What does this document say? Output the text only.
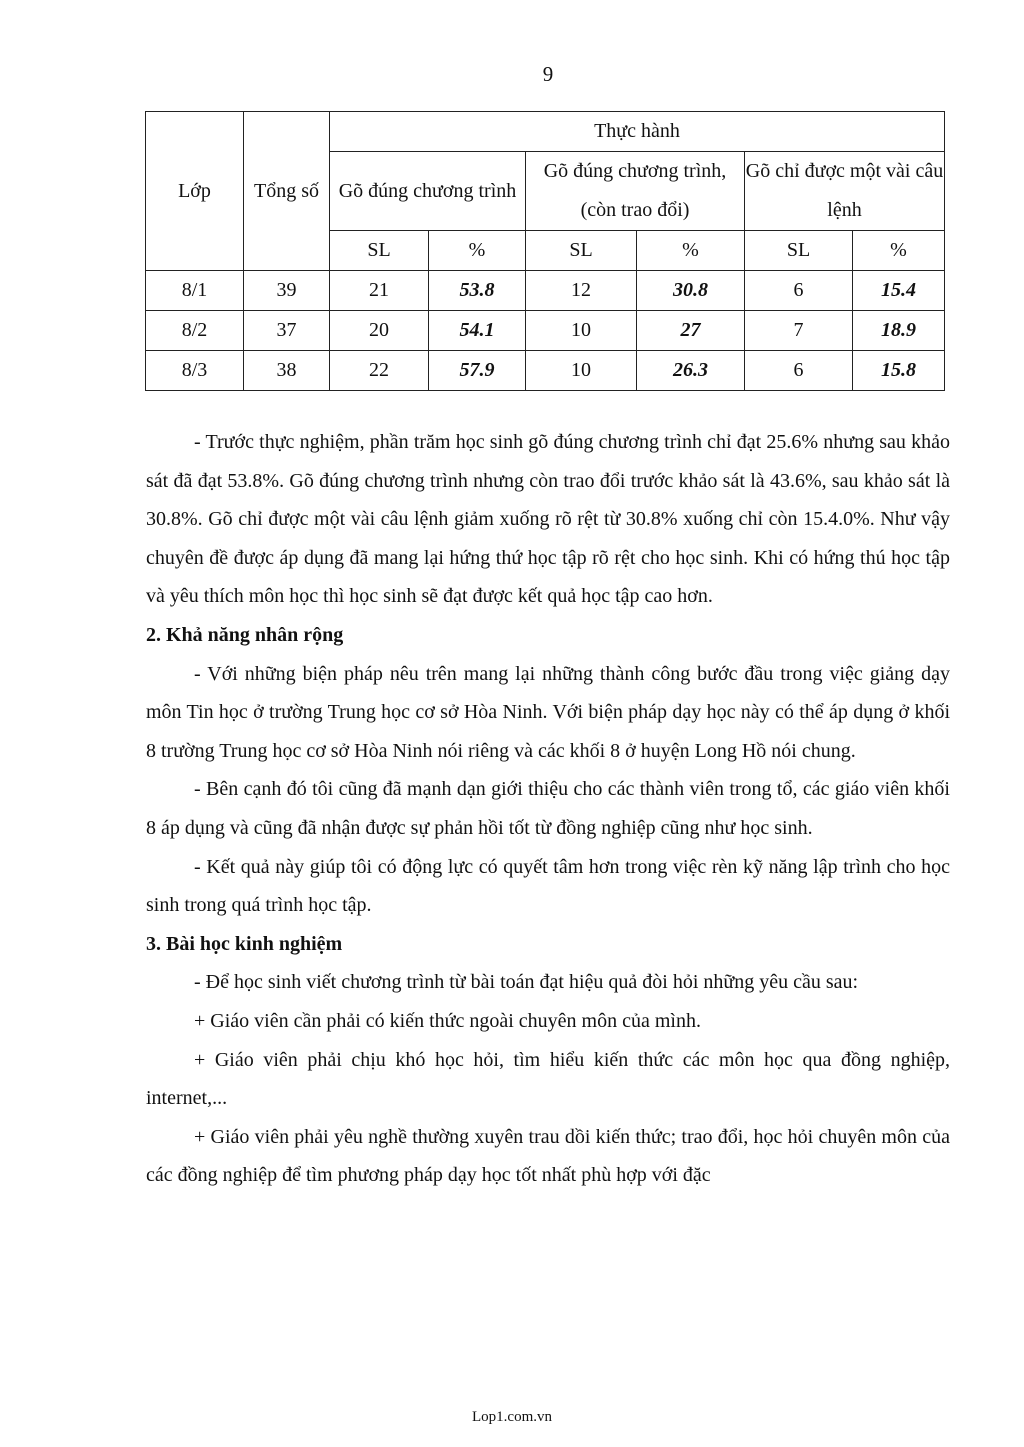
9
Lớp	Tổng số	Thực hành					
		Gõ đúng chương trình		Gõ đúng chương trình, (còn trao đổi)		Gõ chỉ được một vài câu lệnh	
		SL	%	SL	%	SL	%
8/1	39	21	53.8	12	30.8	6	15.4
8/2	37	20	54.1	10	27	7	18.9
8/3	38	22	57.9	10	26.3	6	15.8

- Trước thực nghiệm, phần trăm học sinh gõ đúng chương trình chỉ đạt 25.6% nhưng sau khảo sát đã đạt 53.8%. Gõ đúng chương trình nhưng còn trao đổi trước khảo sát là 43.6%, sau khảo sát là 30.8%. Gõ chỉ được một vài câu lệnh giảm xuống rõ rệt từ 30.8% xuống chỉ còn 15.4.0%. Như vậy chuyên đề được áp dụng đã mang lại hứng thứ học tập rõ rệt cho học sinh. Khi có hứng thú học tập và yêu thích môn học thì học sinh sẽ đạt được kết quả học tập cao hơn.

2. Khả năng nhân rộng

- Với những biện pháp nêu trên mang lại những thành công bước đầu trong việc giảng dạy môn Tin học ở trường Trung học cơ sở Hòa Ninh. Với biện pháp dạy học này có thể áp dụng ở khối 8 trường Trung học cơ sở Hòa Ninh nói riêng và các khối 8 ở huyện Long Hồ nói chung.

- Bên cạnh đó tôi cũng đã mạnh dạn giới thiệu cho các thành viên trong tổ, các giáo viên khối 8 áp dụng và cũng đã nhận được sự phản hồi tốt từ đồng nghiệp cũng như học sinh.

- Kết quả này giúp tôi có động lực có quyết tâm hơn trong việc rèn kỹ năng lập trình cho học sinh trong quá trình học tập.

3. Bài học kinh nghiệm

- Để học sinh viết chương trình từ bài toán đạt hiệu quả đòi hỏi những yêu cầu sau:

+ Giáo viên cần phải có kiến thức ngoài chuyên môn của mình.

+ Giáo viên phải chịu khó học hỏi, tìm hiểu kiến thức các môn học qua đồng nghiệp, internet,...

+ Giáo viên phải yêu nghề thường xuyên trau dồi kiến thức; trao đổi, học hỏi chuyên môn của các đồng nghiệp để tìm phương pháp dạy học tốt nhất phù hợp với đặc

Lop1.com.vn
